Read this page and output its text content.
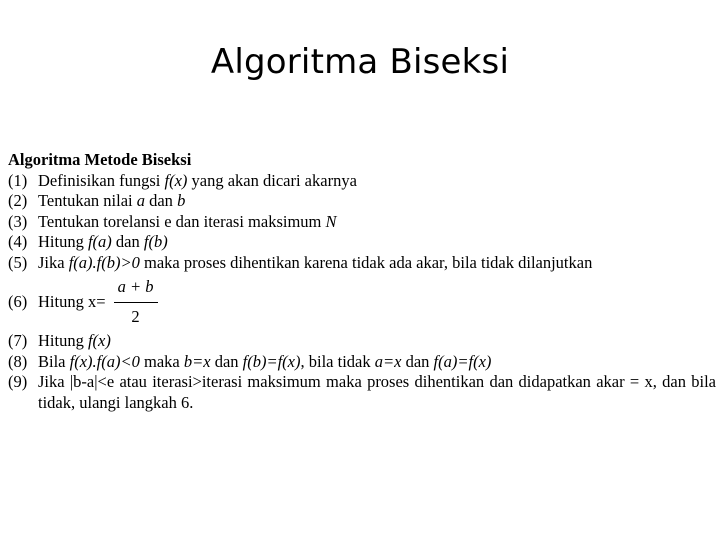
Algoritma Biseksi
Algoritma Metode Biseksi
(1) Definisikan fungsi f(x) yang akan dicari akarnya
(2) Tentukan nilai a dan b
(3) Tentukan torelansi e dan iterasi maksimum N
(4) Hitung f(a) dan f(b)
(5) Jika f(a).f(b)>0 maka proses dihentikan karena tidak ada akar, bila tidak dilanjutkan
(6) Hitung $x= \frac{a + b}{2}$
(7) Hitung f(x)
(8) Bila f(x).f(a)<0 maka b=x dan f(b)=f(x), bila tidak a=x dan f(a)=f(x)
(9) Jika |b-a|<e atau iterasi>iterasi maksimum maka proses dihentikan dan didapatkan akar = x, dan bila tidak, ulangi langkah 6.
